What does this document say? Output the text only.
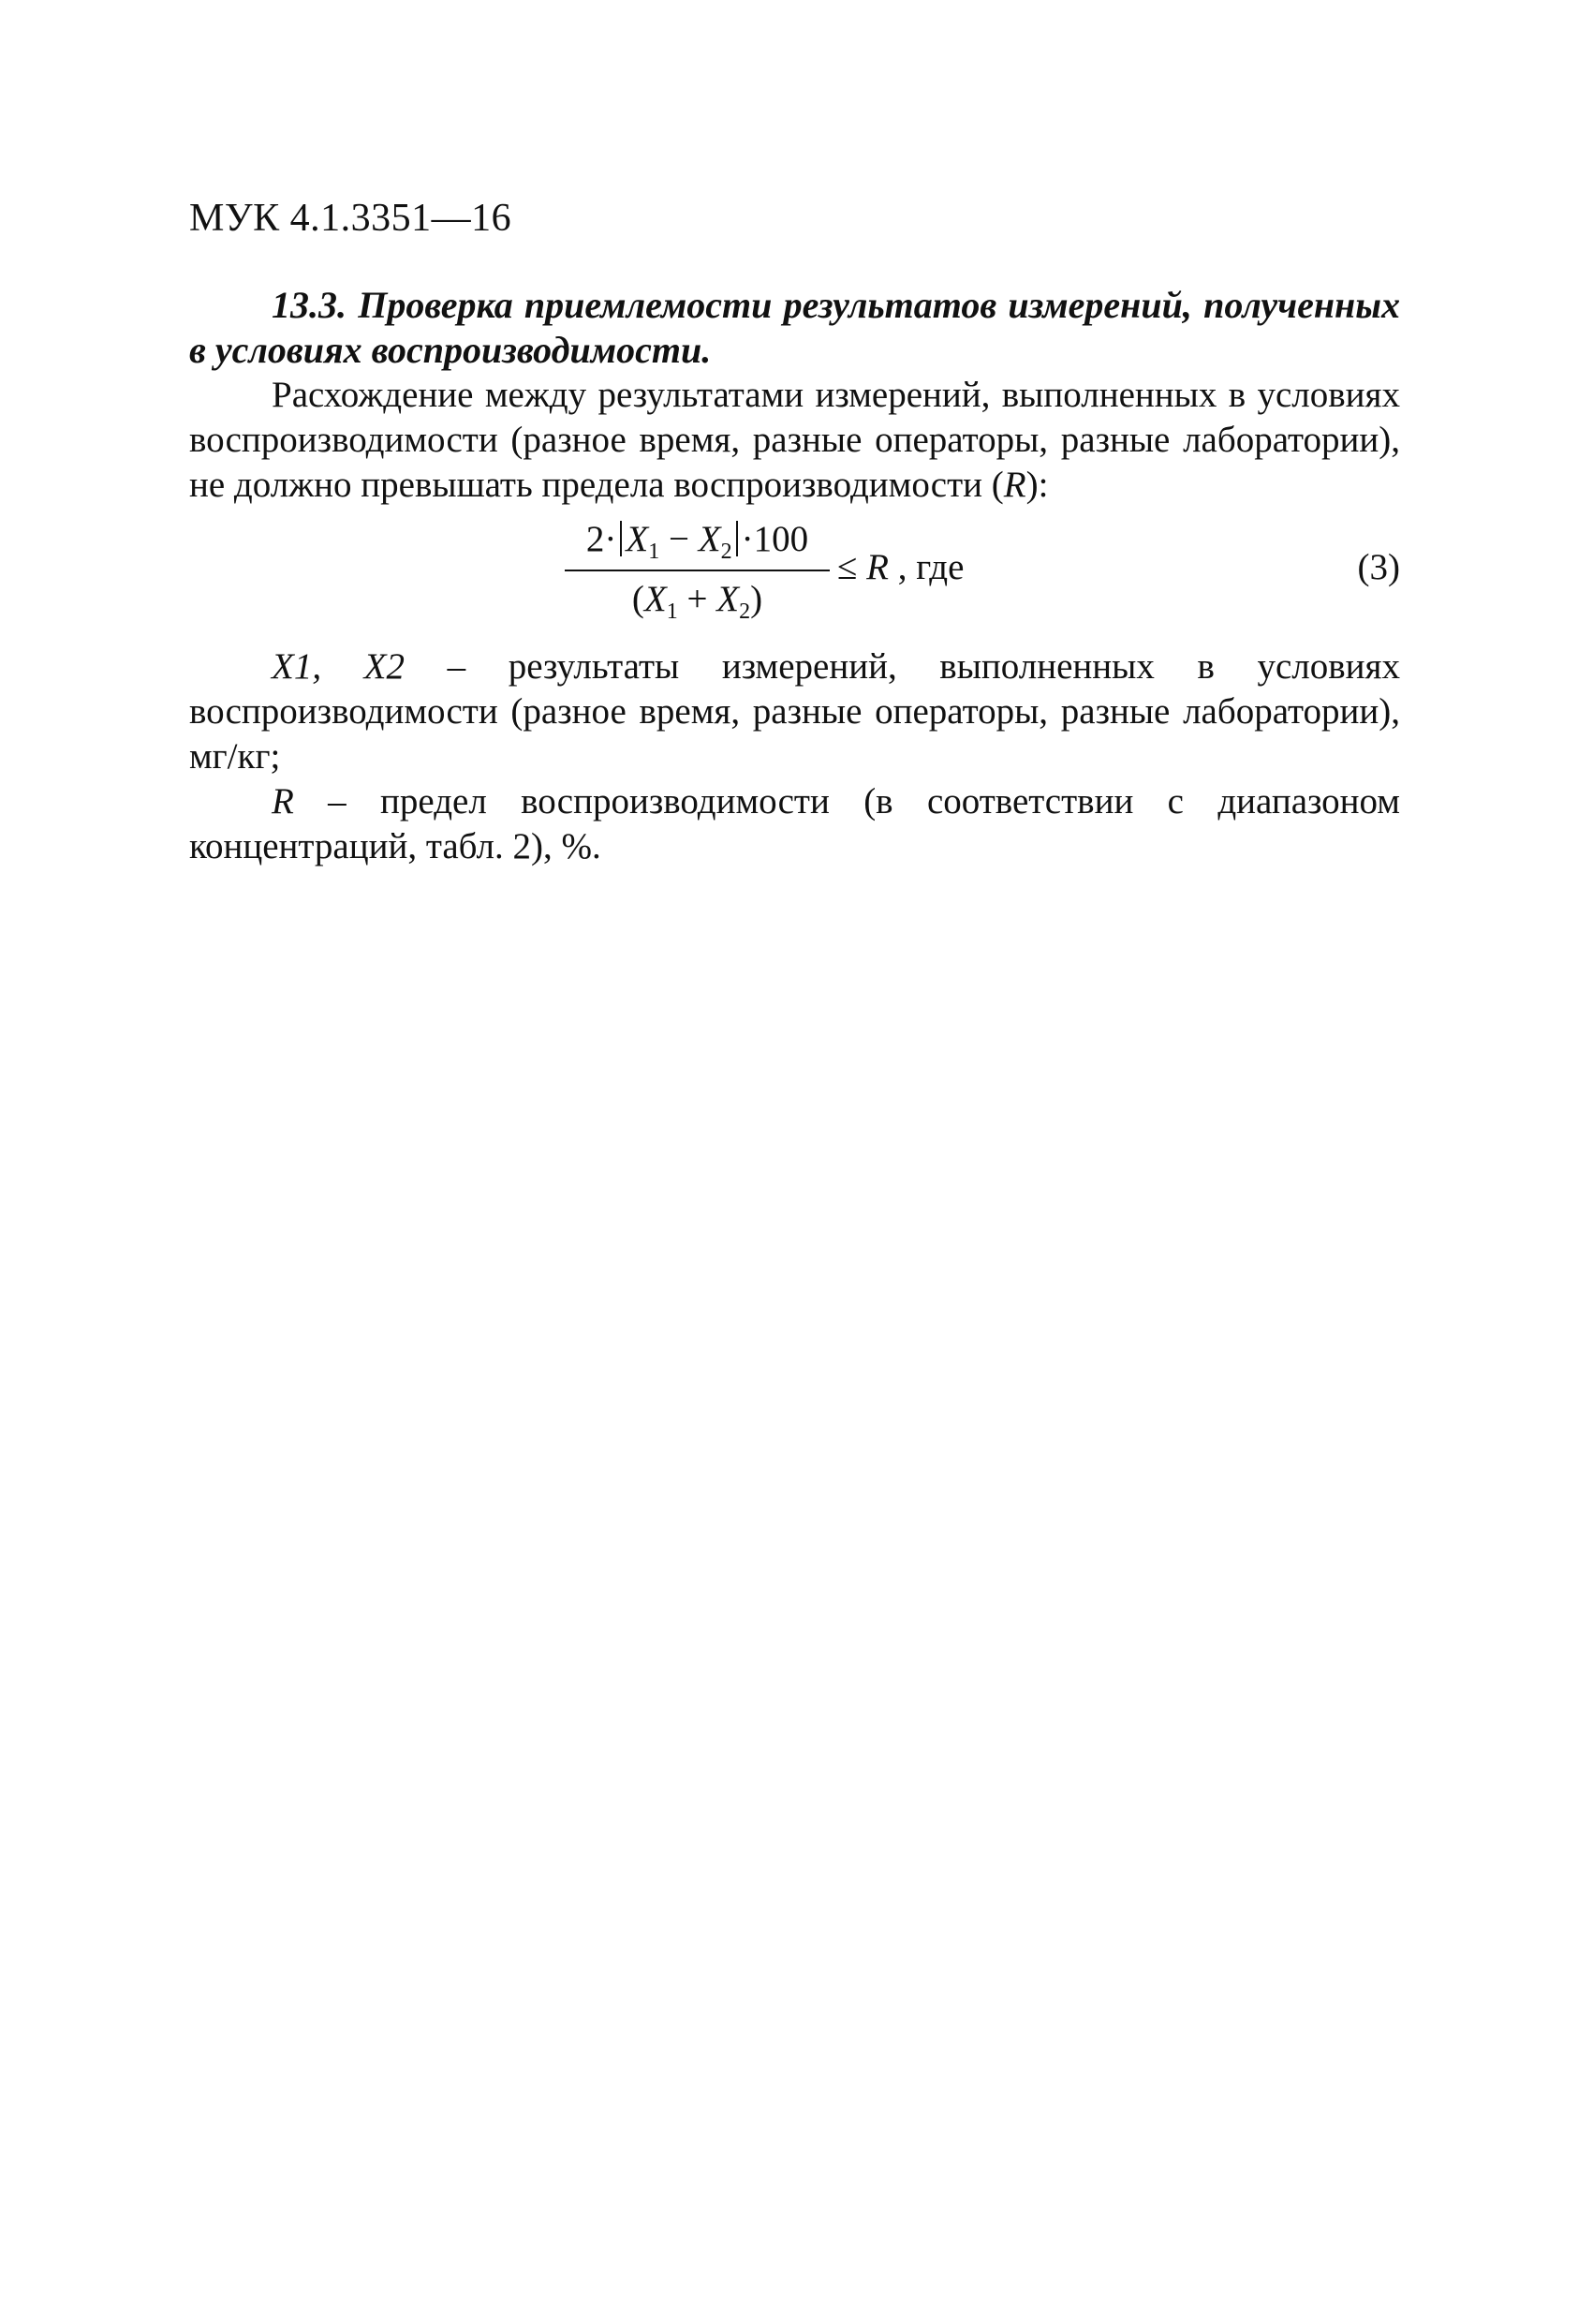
МУК 4.1.3351—16

13.3. Проверка приемлемости результатов измерений, полученных в условиях воспроизводимости.

Расхождение между результатами измерений, выполненных в условиях воспроизводимости (разное время, разные операторы, разные лаборатории), не должно превышать предела воспроизводимости (R):

$2\cdot X_1 - X_2 \cdot 100$
$(X_1 + X_2)$
≤ R , где	(3)

X1, X2 – результаты измерений, выполненных в условиях воспроизводимости (разное время, разные операторы, разные лаборатории), мг/кг;

R – предел воспроизводимости (в соответствии с диапазоном концентраций, табл. 2), %.
